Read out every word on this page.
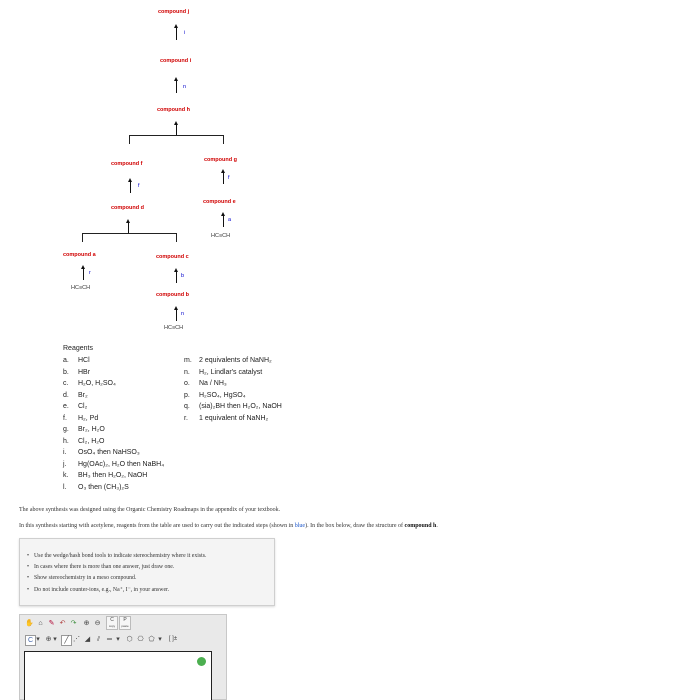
compound j
i
compound i
n
compound h
compound f
f
compound g
f
compound e
a
HC≡CH
compound d
compound a
r
HC≡CH
compound c
b
compound b
n
HC≡CH
Reagents
a. HCl
b. HBr
c. H₂O, H₂SO₄
d. Br₂
e. Cl₂
f. H₂, Pd
g. Br₂, H₂O
h. Cl₂, H₂O
i. OsO₄ then NaHSO₃
j. Hg(OAc)₂, H₂O then NaBH₄
k. BH₃ then H₂O₂, NaOH
l. O₃ then (CH₃)₂S
m. 2 equivalents of NaNH₂
n. H₂, Lindlar's catalyst
o. Na / NH₃
p. H₂SO₄, HgSO₄
q. (sia)₂BH then H₂O₂, NaOH
r. 1 equivalent of NaNH₂
The above synthesis was designed using the Organic Chemistry Roadmaps in the appendix of your textbook.
In this synthesis starting with acetylene, reagents from the table are used to carry out the indicated steps (shown in blue). In the box below, draw the structure of compound h.
• Use the wedge/hash bond tools to indicate stereochemistry where it exists.
• In cases where there is more than one answer, just draw one.
• Show stereochemistry in a meso compound.
• Do not include counter-ions, e.g., Na⁺, I⁻, in your answer.
✋ ⌂ ✎ ↶ ↷ ⊕ ⊖	C
copy
P
paste
C ▾ ⊕ ▾	╱ ⋰ ◢ ⫽ ═ ▾ ⬡ ⎔ ⬠ ▾	[ ]±
